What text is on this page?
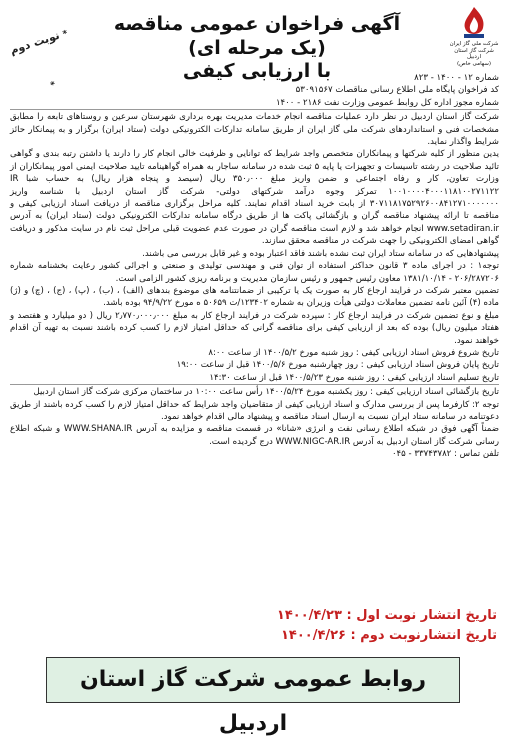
شرکت ملی گاز ایران
شرکت گاز استان اردبیل
(سهامی خاص)
آگهی فراخوان عمومی مناقصه (یک مرحله ای)
با ارزیابی کیفی
* نوبت دوم *

شماره ۱۲ - ۱۴۰۰ - ۸۲۳

کد فراخوان پایگاه ملی اطلاع رسانی مناقصات ۵۳۰۹۱۵۶۷

شماره مجوز اداره کل روابط عمومی وزارت نفت ۲۱۸۶ - ۱۴۰۰

شرکت گاز استان اردبیل در نظر دارد عملیات مناقصه انجام خدمات مدیریت بهره برداری شهرستان سرعین و روستاهای تابعه را مطابق مشخصات فنی و استانداردهای شرکت ملی گاز ایران از طریق سامانه تدارکات الکترونیکی دولت (ستاد ایران) برگزار و به پیمانکار حائز شرایط واگذار نماید.

یدین منظور از کلیه شرکتها و پیمانکاران متخصص واجد شرایط که توانایی و ظرفیت خالی انجام کار را دارند یا داشتن رتبه بندی و گواهی تائید صلاحیت در رشته تاسیسات و تجهیزات یا پایه ۵ ثبت شده در سامانه ساجار به همراه گواهینامه تایید صلاحیت ایمنی امور پیمانکاران از وزارت تعاون، کار و رفاه اجتماعی و ضمن واریز مبلغ ۳۵۰٫۰۰۰ ریال (سیصد و پنجاه هزار ریال) به حساب شبا IR ۱۰۰۱۰۰۰۰۴۰۰۰۱۱۸۱۰۰۲۷۱۱۲۲ تمرکز وجوه درآمد شرکتهای دولتی- شرکت گاز استان اردبیل با شناسه واریز ۳۰۷۱۱۸۱۷۵۲۹۲۶۰۰۸۴۱۲۷۱۰۰۰۰۰۰۰ از بابت خرید اسناد اقدام نمایند. کلیه مراحل برگزاری مناقصه از دریافت اسناد ارزیابی کیفی و مناقصه تا ارائه پیشنهاد مناقصه گران و بازگشائی پاکت ها از طریق درگاه سامانه تدارکات الکترونیکی دولت (ستاد ایران) به آدرس www.setadiran.ir انجام خواهد شد و لازم است مناقصه گران در صورت عدم عضویت قبلی مراحل ثبت نام در سایت مذکور و دریافت گواهی امضای الکترونیکی را جهت شرکت در مناقصه محقق سازند.

پیشنهادهایی که در سامانه ستاد ایران ثبت نشده باشند فاقد اعتبار بوده و غیر قابل بررسی می باشند.

توجه۱ : در اجرای ماده ۳ قانون حداکثر استفاده از توان فنی و مهندسی تولیدی و صنعتی و اجرائی کشور رعایت بخشنامه شماره ۲۰۶/۲۸۷۲۰۶ - ۱۳۸۱/۱۰/۱۴ معاون رئیس جمهور و رئیس سازمان مدیریت و برنامه ریزی کشور الزامی است.

تضمین معتبر شرکت در فرایند ارجاع کار به صورت یک یا ترکیبی از ضمانتنامه های موضوع بندهای (الف) ، (ب) ، (پ) ، (ج) ، (چ) و (ژ) ماده (۴) آئین نامه تضمین معاملات دولتی هیأت وزیران به شماره ۱۲۳۴۰۲/ت ۵۰۶۵۹ ه مورخ ۹۴/۹/۲۲ بوده باشد.

مبلغ و نوع تضمین شرکت در فرایند ارجاع کار : سپرده شرکت در فرایند ارجاع کار به مبلغ ۲٫۷۷۰٫۰۰۰٫۰۰۰ ریال ( دو میلیارد و هفتصد و هفتاد میلیون ریال) بوده که بعد از ارزیابی کیفی برای مناقصه گرانی که حداقل امتیاز لازم را کسب کرده باشند نسبت به تهیه آن اقدام خواهند نمود.

تاریخ شروع فروش اسناد ارزیابی کیفی : روز شنبه مورخ ۱۴۰۰/۵/۲ از ساعت ۸:۰۰

تاریخ پایان فروش اسناد ارزیابی کیفی : روز چهارشنبه مورخ ۱۴۰۰/۵/۶ قبل از ساعت ۱۹:۰۰

تاریخ تسلیم اسناد ارزیابی کیفی : روز شنبه مورخ ۱۴۰۰/۵/۲۳ قبل از ساعت ۱۴:۳۰

تاریخ بازگشائی اسناد ارزیابی کیفی : روز یکشنبه مورخ ۱۴۰۰/۵/۲۴ رأس ساعت ۱۰:۰۰ در ساختمان مرکزی شرکت گاز استان اردبیل

توجه ۲: کارفرما پس از بررسی مدارک و اسناد ارزیابی کیفی از متقاضیان واجد شرایط که حداقل امتیاز لازم را کسب کرده باشند از طریق دعوتنامه در سامانه ستاد ایران نسبت به ارسال اسناد مناقصه و پیشنهاد مالی اقدام خواهد نمود.

ضمناً آگهی فوق در شبکه اطلاع رسانی نفت و انرژی «شانا» در قسمت مناقصه و مزایده به آدرس WWW.SHANA.IR و شبکه اطلاع رسانی شرکت گاز استان اردبیل به آدرس WWW.NIGC-AR.IR درج گردیده است.

تلفن تماس : ۳۳۷۴۳۷۸۲ - ۰۴۵

تاریخ انتشار نوبت اول : ۱۴۰۰/۴/۲۳
تاریخ انتشارنوبت دوم : ۱۴۰۰/۴/۲۶
روابط عمومی شرکت گاز استان اردبیل
